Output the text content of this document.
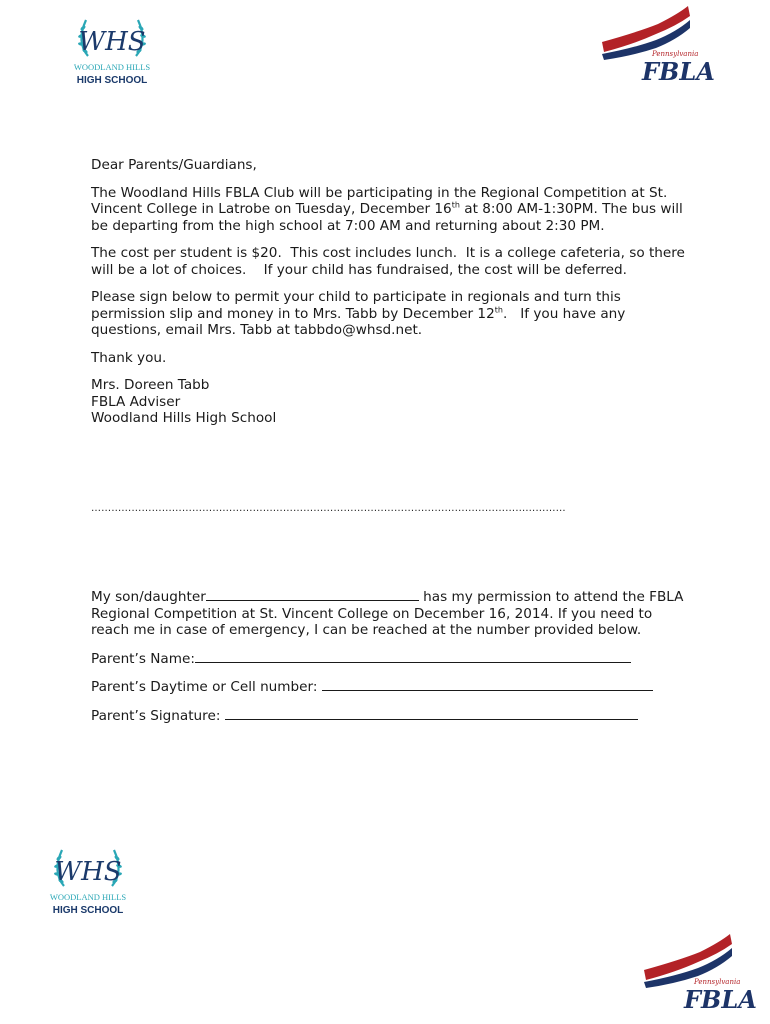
WHS
WOODLAND HILLS
HIGH SCHOOL
Pennsylvania
FBLA

Dear Parents/Guardians,

The Woodland Hills FBLA Club will be participating in the Regional Competition at St. Vincent College in Latrobe on Tuesday, December 16th at 8:00 AM-1:30PM. The bus will be departing from the high school at 7:00 AM and returning about 2:30 PM.

The cost per student is $20.  This cost includes lunch.  It is a college cafeteria, so there will be a lot of choices.    If your child has fundraised, the cost will be deferred.

Please sign below to permit your child to participate in regionals and turn this permission slip and money in to Mrs. Tabb by December 12th.   If you have any questions, email Mrs. Tabb at tabbdo@whsd.net.

Thank you.

Mrs. Doreen Tabb

FBLA Adviser

Woodland Hills High School

……………………………………………………………………………………………………………………………

My son/daughter	has my permission to attend the FBLA Regional Competition at St. Vincent College on December 16, 2014. If you need to reach me in case of emergency, I can be reached at the number provided below.

Parent’s Name:

Parent’s Daytime or Cell number:

Parent’s Signature:

WHS
WOODLAND HILLS
HIGH SCHOOL
Pennsylvania
FBLA
